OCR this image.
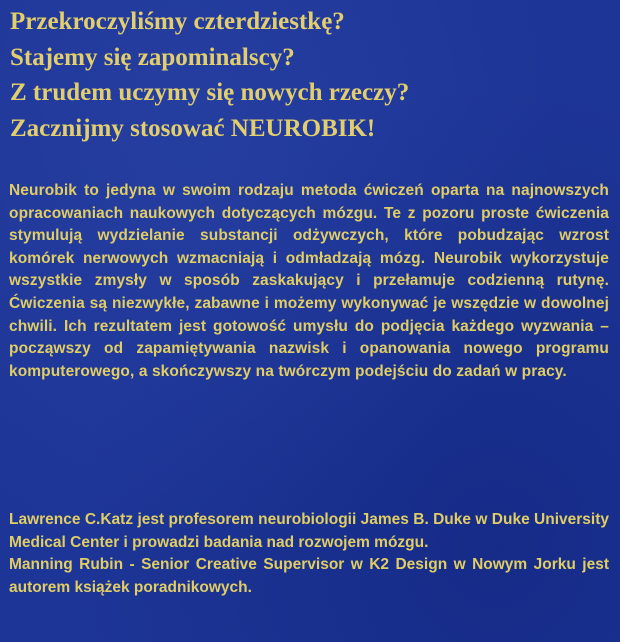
Przekroczyliśmy czterdziestkę?
Stajemy się zapominalscy?
Z trudem uczymy się nowych rzeczy?
Zacznijmy stosować NEUROBIK!

Neurobik to jedyna w swoim rodzaju metoda ćwiczeń oparta na najnowszych opracowaniach naukowych dotyczących mózgu. Te z pozoru proste ćwiczenia stymulują wydzielanie substancji odżywczych, które pobudzając wzrost komórek nerwowych wzmacniają i odmładzają mózg. Neurobik wykorzystuje wszystkie zmysły w sposób zaskakujący i przełamuje codzienną rutynę. Ćwiczenia są niezwykłe, zabawne i możemy wykonywać je wszędzie w dowolnej chwili. Ich rezultatem jest gotowość umysłu do podjęcia każdego wyzwania – począwszy od zapamiętywania nazwisk i opanowania nowego programu komputerowego, a skończywszy na twórczym podejściu do zadań w pracy.

Lawrence C.Katz jest profesorem neurobiologii James B. Duke w Duke University Medical Center i prowadzi badania nad rozwojem mózgu.

Manning Rubin - Senior Creative Supervisor w K2 Design w Nowym Jorku jest autorem książek poradnikowych.
